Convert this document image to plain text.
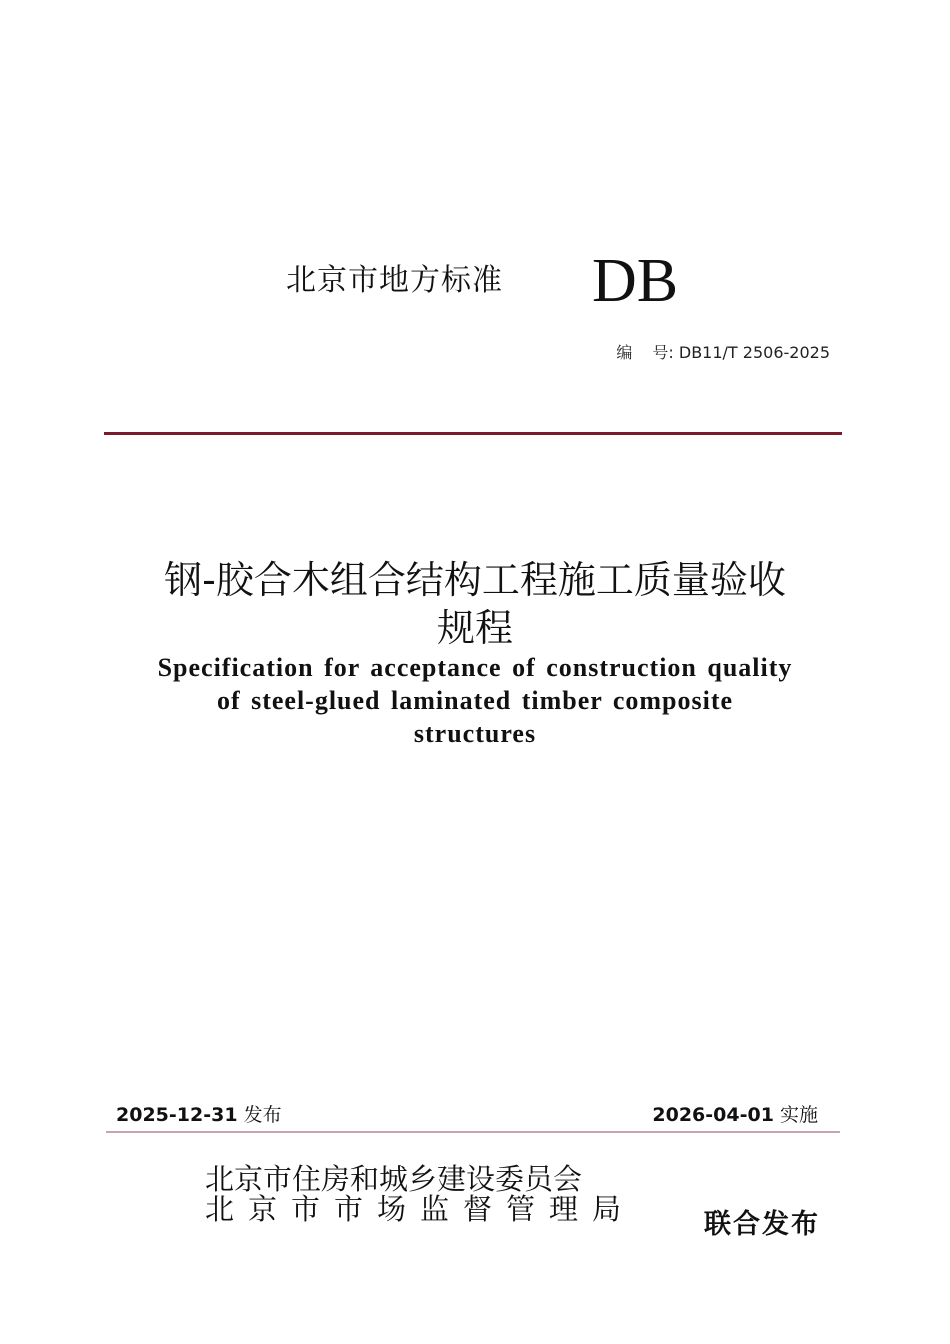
北京市地方标准 DB
编 号: DB11/T 2506-2025
钢-胶合木组合结构工程施工质量验收
规程
Specification for acceptance of construction quality
of steel-glued laminated timber composite
structures
2025-12-31 发布	2026-04-01 实施
北京市住房和城乡建设委员会
北京市市场监督管理局	联合发布
